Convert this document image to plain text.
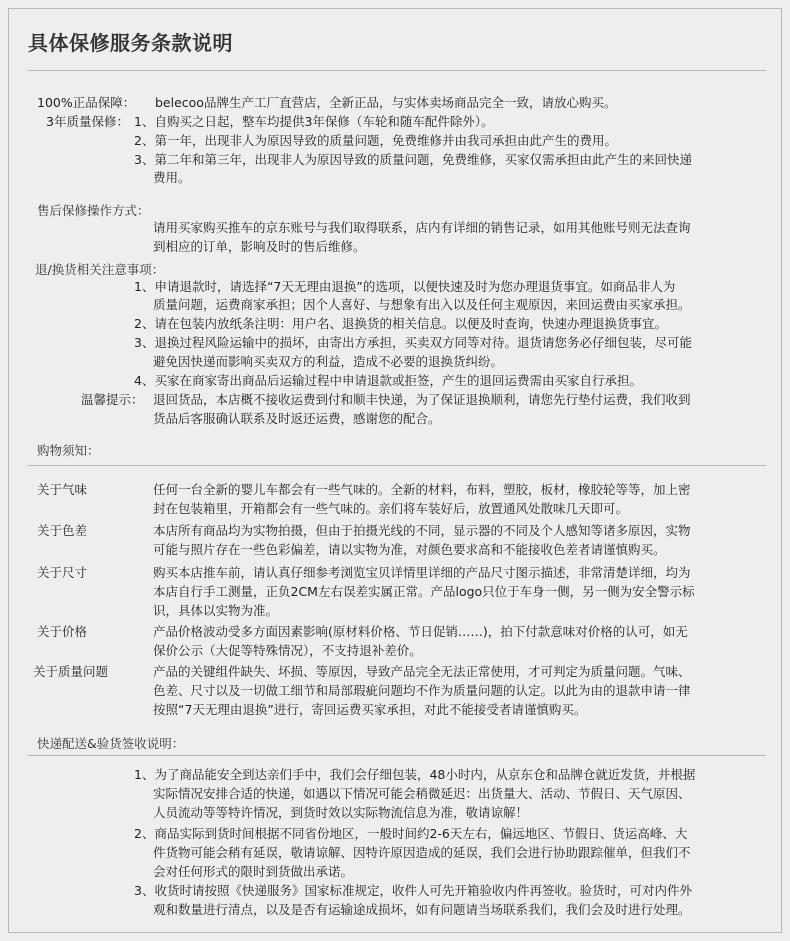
具体保修服务条款说明
100%正品保障： belecoo品牌生产工厂直营店，全新正品，与实体卖场商品完全一致，请放心购买。
3年质量保修： 1、自购买之日起，整车均提供3年保修（车轮和随车配件除外）。
2、第一年，出现非人为原因导致的质量问题，免费维修并由我司承担由此产生的费用。
3、第二年和第三年，出现非人为原因导致的质量问题，免费维修，买家仅需承担由此产生的来回快递
费用。
售后保修操作方式：
请用买家购买推车的京东账号与我们取得联系，店内有详细的销售记录，如用其他账号则无法查询
到相应的订单，影响及时的售后维修。
退/换货相关注意事项：
1、申请退款时，请选择“7天无理由退换”的选项，以便快速及时为您办理退货事宜。如商品非人为
质量问题，运费商家承担；因个人喜好、与想象有出入以及任何主观原因，来回运费由买家承担。
2、请在包装内放纸条注明：用户名、退换货的相关信息。以便及时查询，快速办理退换货事宜。
3、退换过程风险运输中的损坏，由寄出方承担，买卖双方同等对待。退货请您务必仔细包装，尽可能
避免因快递而影响买卖双方的利益，造成不必要的退换货纠纷。
4、买家在商家寄出商品后运输过程中申请退款或拒签，产生的退回运费需由买家自行承担。
温馨提示： 退回货品，本店概不接收运费到付和顺丰快递，为了保证退换顺利，请您先行垫付运费，我们收到
货品后客服确认联系及时返还运费，感谢您的配合。
购物须知：
关于气味	任何一台全新的婴儿车都会有一些气味的。全新的材料，布料，塑胶，板材，橡胶轮等等，加上密
封在包装箱里，开箱都会有一些气味的。亲们将车装好后，放置通风处散味几天即可。
关于色差	本店所有商品均为实物拍摄，但由于拍摄光线的不同，显示器的不同及个人感知等诸多原因，实物
可能与照片存在一些色彩偏差，请以实物为准，对颜色要求高和不能接收色差者请谨慎购买。
关于尺寸	购买本店推车前，请认真仔细参考浏览宝贝详情里详细的产品尺寸图示描述，非常清楚详细，均为
本店自行手工测量，正负2CM左右误差实属正常。产品logo只位于车身一侧，另一侧为安全警示标
识，具体以实物为准。
关于价格	产品价格波动受多方面因素影响(原材料价格、节日促销……)，拍下付款意味对价格的认可，如无
保价公示（大促等特殊情况），不支持退补差价。
关于质量问题	产品的关键组件缺失、坏损、等原因，导致产品完全无法正常使用，才可判定为质量问题。气味、
色差、尺寸以及一切做工细节和局部瑕疵问题均不作为质量问题的认定。以此为由的退款申请一律
按照“7天无理由退换”进行，寄回运费买家承担，对此不能接受者请谨慎购买。
快递配送&验货签收说明：
1、为了商品能安全到达亲们手中，我们会仔细包装，48小时内，从京东仓和品牌仓就近发货，并根据
实际情况安排合适的快递，如遇以下情况可能会稍微延迟：出货量大、活动、节假日、天气原因、
人员流动等等特许情况，到货时效以实际物流信息为准，敬请谅解！
2、商品实际到货时间根据不同省份地区，一般时间约2-6天左右，偏远地区、节假日、货运高峰、大
件货物可能会稍有延误，敬请谅解、因特许原因造成的延误，我们会进行协助跟踪催单，但我们不
会对任何形式的限时到货做出承诺。
3、收货时请按照《快递服务》国家标准规定，收件人可先开箱验收内件再签收。验货时，可对内件外
观和数量进行清点，以及是否有运输途成损坏，如有问题请当场联系我们，我们会及时进行处理。
